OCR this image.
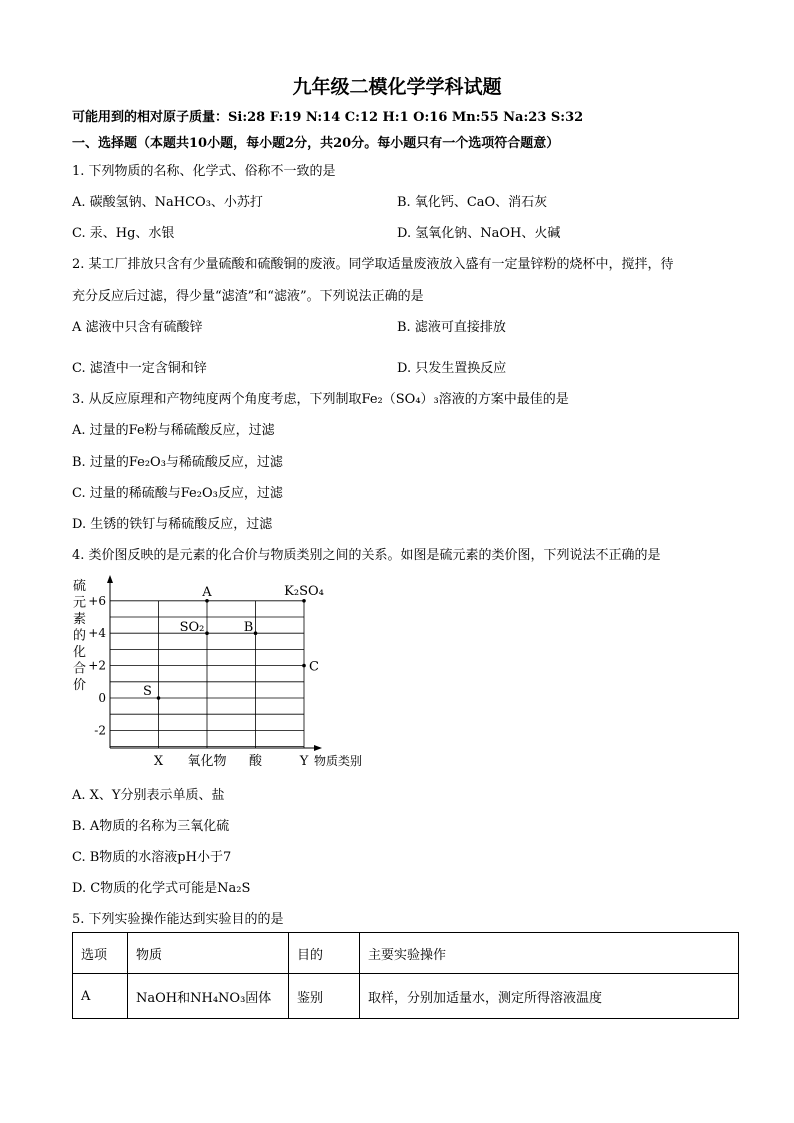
九年级二模化学学科试题
可能用到的相对原子质量：Si:28 F:19 N:14 C:12 H:1 O:16 Mn:55 Na:23 S:32
一、选择题（本题共10小题，每小题2分，共20分。每小题只有一个选项符合题意）
1. 下列物质的名称、化学式、俗称不一致的是
A. 碳酸氢钠、NaHCO₃、小苏打	B. 氧化钙、CaO、消石灰
C. 汞、Hg、水银	D. 氢氧化钠、NaOH、火碱
2. 某工厂排放只含有少量硫酸和硫酸铜的废液。同学取适量废液放入盛有一定量锌粉的烧杯中，搅拌，待
充分反应后过滤，得少量“滤渣”和“滤液”。下列说法正确的是
A 滤液中只含有硫酸锌	B. 滤液可直接排放
C. 滤渣中一定含铜和锌	D. 只发生置换反应
3. 从反应原理和产物纯度两个角度考虑，下列制取Fe₂（SO₄）₃溶液的方案中最佳的是
A. 过量的Fe粉与稀硫酸反应，过滤
B. 过量的Fe₂O₃与稀硫酸反应，过滤
C. 过量的稀硫酸与Fe₂O₃反应，过滤
D. 生锈的铁钉与稀硫酸反应，过滤
4. 类价图反映的是元素的化合价与物质类别之间的关系。如图是硫元素的类价图，下列说法不正确的是
硫
元
素
的
化
合
价
+6
+4
+2
0
-2
X 氧化物 酸	Y 物质类别
S
SO₂
A
B
K₂SO₄
C
A. X、Y分别表示单质、盐
B. A物质的名称为三氧化硫
C. B物质的水溶液pH小于7
D. C物质的化学式可能是Na₂S
5. 下列实验操作能达到实验目的的是
选项	物质	目的	主要实验操作
A	NaOH和NH₄NO₃固体	鉴别	取样，分别加适量水，测定所得溶液温度
